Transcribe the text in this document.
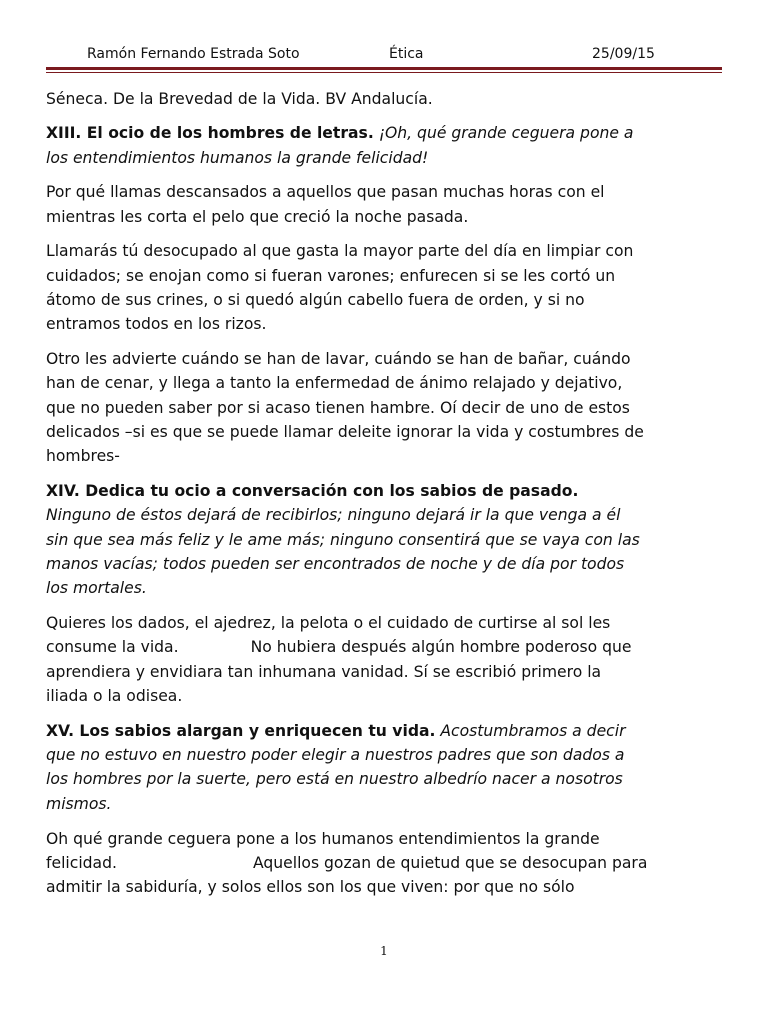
Ramón Fernando Estrada Soto	Ética	25/09/15

Séneca. De la Brevedad de la Vida. BV Andalucía.

XIII. El ocio de los hombres de letras. ¡Oh, qué grande ceguera pone a
los entendimientos humanos la grande felicidad!

Por qué llamas descansados a aquellos que pasan muchas horas con el
mientras les corta el pelo que creció la noche pasada.

Llamarás tú desocupado al que gasta la mayor parte del día en limpiar con
cuidados; se enojan como si fueran varones; enfurecen si se les cortó un
átomo de sus crines, o si quedó algún cabello fuera de orden, y si no
entramos todos en los rizos.

Otro les advierte cuándo se han de lavar, cuándo se han de bañar, cuándo
han de cenar, y llega a tanto la enfermedad de ánimo relajado y dejativo,
que no pueden saber por si acaso tienen hambre. Oí decir de uno de estos
delicados –si es que se puede llamar deleite ignorar la vida y costumbres de
hombres-

XIV. Dedica tu ocio a conversación con los sabios de pasado.
Ninguno de éstos dejará de recibirlos; ninguno dejará ir la que venga a él
sin que sea más feliz y le ame más; ninguno consentirá que se vaya con las
manos vacías; todos pueden ser encontrados de noche y de día por todos
los mortales.

Quieres los dados, el ajedrez, la pelota o el cuidado de curtirse al sol les
consume la vida.	No hubiera después algún hombre poderoso que
aprendiera y envidiara tan inhumana vanidad. Sí se escribió primero la
iliada o la odisea.

XV. Los sabios alargan y enriquecen tu vida. Acostumbramos a decir
que no estuvo en nuestro poder elegir a nuestros padres que son dados a
los hombres por la suerte, pero está en nuestro albedrío nacer a nosotros
mismos.

Oh qué grande ceguera pone a los humanos entendimientos la grande
felicidad.	Aquellos gozan de quietud que se desocupan para
admitir la sabiduría, y solos ellos son los que viven: por que no sólo

1
